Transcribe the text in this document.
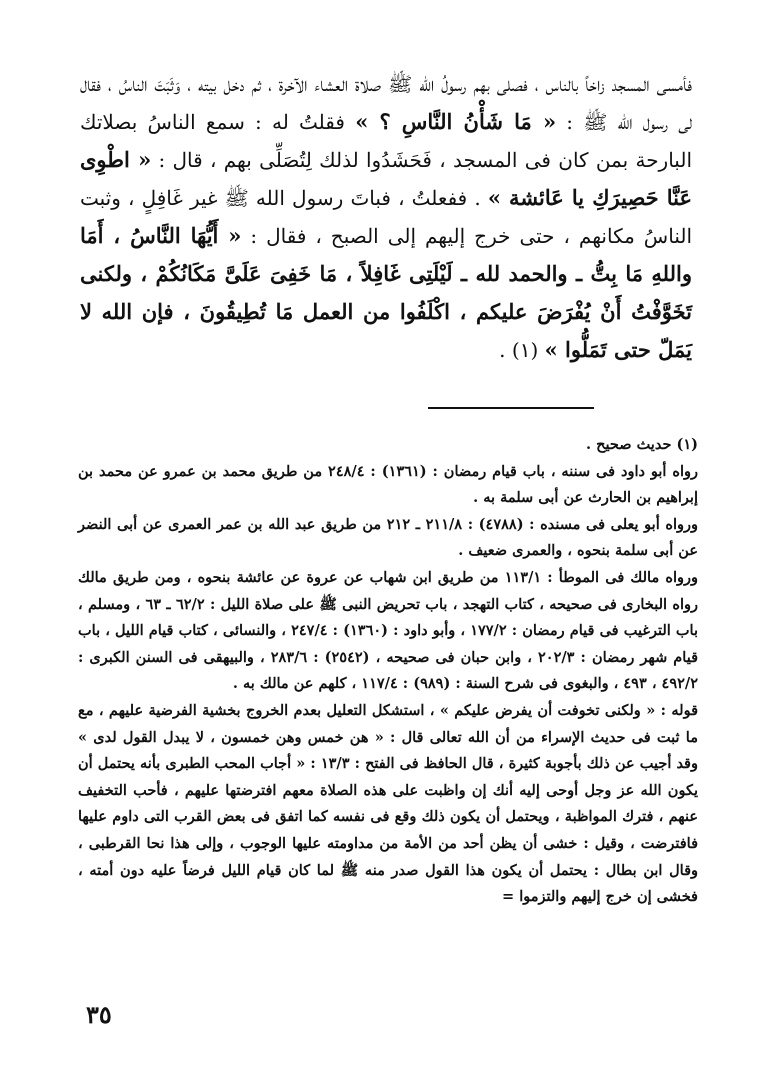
فأمسى المسجد زاخاً بالناس ، فصلى بهم رسولُ الله ﷺ صلاة العشاء الآخرة ، ثم دخل بيته ، وَثَبَتَ الناسُ ، فقال لى رسول الله ﷺ : « مَا شَأْنُ النَّاسِ ؟ » فقلتُ له : سمع الناسُ بصلاتك البارحة بمن كان فى المسجد ، فَحَشَدُوا لذلك لِتُصَلِّى بهم ، قال : « اطْوِى عَنَّا حَصِيرَكِ يا عَائشة » . ففعلتُ ، فباتَ رسول الله ﷺ غير غَافِلٍ ، وثبت الناسُ مكانهم ، حتى خرج إليهم إلى الصبح ، فقال : « أَيُّهَا النَّاسُ ، أَمَا واللهِ مَا بِتُّ ـ والحمد لله ـ لَيْلَتِى غَافِلاً ، مَا خَفِىَ عَلَىَّ مَكَانُكُمْ ، ولكنى تَخَوَّفْتُ أَنْ يُفْرَضَ عليكم ، اكْلَفُوا من العمل مَا تُطِيقُونَ ، فإن الله لا يَمَلّ حتى تَمَلُّوا » (١) .

(١) حديث صحيح .

رواه أبو داود فى سننه ، باب قيام رمضان : (١٣٦١) : ٢٤٨/٤ من طريق محمد بن عمرو عن محمد بن إبراهيم بن الحارث عن أبى سلمة به .

ورواه أبو يعلى فى مسنده : (٤٧٨٨) : ٢١١/٨ ـ ٢١٢ من طريق عبد الله بن عمر العمرى عن أبى النضر عن أبى سلمة بنحوه ، والعمرى ضعيف .

ورواه مالك فى الموطأ : ١١٣/١ من طريق ابن شهاب عن عروة عن عائشة بنحوه ، ومن طريق مالك رواه البخارى فى صحيحه ، كتاب التهجد ، باب تحريض النبى ﷺ على صلاة الليل : ٦٢/٢ ـ ٦٣ ، ومسلم ، باب الترغيب فى قيام رمضان : ١٧٧/٢ ، وأبو داود : (١٣٦٠) : ٢٤٧/٤ ، والنسائى ، كتاب قيام الليل ، باب قيام شهر رمضان : ٢٠٢/٣ ، وابن حبان فى صحيحه ، (٢٥٤٢) : ٢٨٣/٦ ، والبيهقى فى السنن الكبرى : ٤٩٢/٢ ، ٤٩٣ ، والبغوى فى شرح السنة : (٩٨٩) : ١١٧/٤ ، كلهم عن مالك به .

قوله : « ولكنى تخوفت أن يفرض عليكم » ، استشكل التعليل بعدم الخروج بخشية الفرضية عليهم ، مع ما ثبت فى حديث الإسراء من أن الله تعالى قال : « هن خمس وهن خمسون ، لا يبدل القول لدى » وقد أجيب عن ذلك بأجوبة كثيرة ، قال الحافظ فى الفتح : ١٣/٣ : « أجاب المحب الطبرى بأنه يحتمل أن يكون الله عز وجل أوحى إليه أنك إن واظبت على هذه الصلاة معهم افترضتها عليهم ، فأحب التخفيف عنهم ، فترك المواظبة ، ويحتمل أن يكون ذلك وقع فى نفسه كما اتفق فى بعض القرب التى داوم عليها فافترضت ، وقيل : خشى أن يظن أحد من الأمة من مداومته عليها الوجوب ، وإلى هذا نحا القرطبى ، وقال ابن بطال : يحتمل أن يكون هذا القول صدر منه ﷺ لما كان قيام الليل فرضاً عليه دون أمته ، فخشى إن خرج إليهم والتزموا =

٣٥
